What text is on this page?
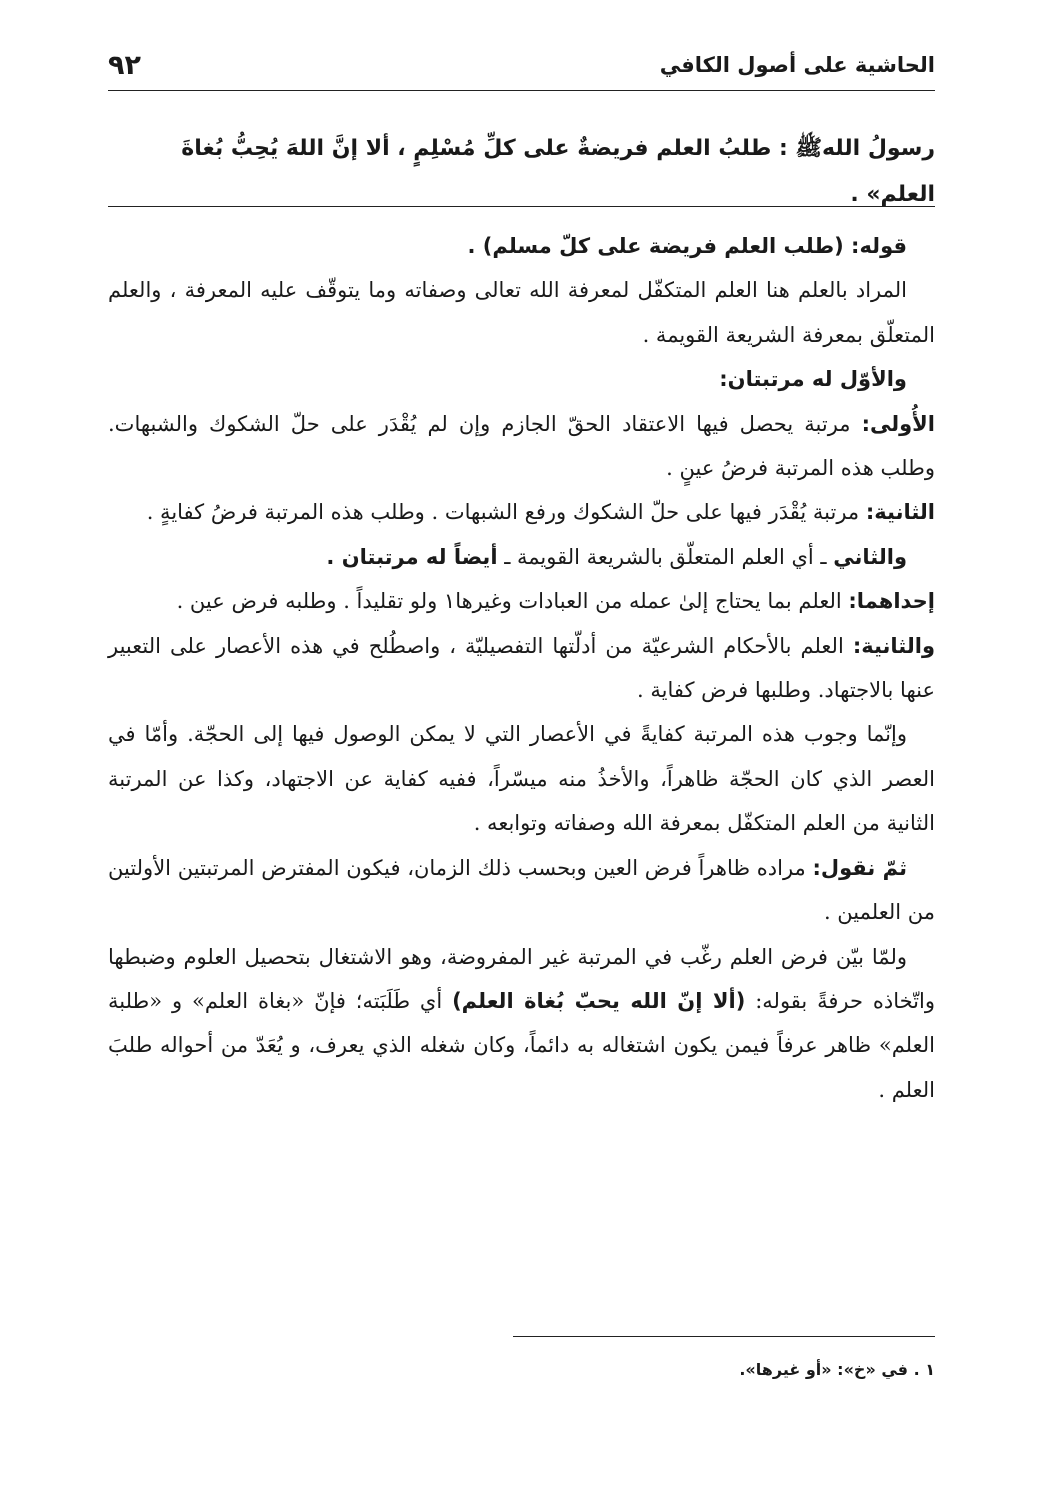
الحاشية على أصول الكافي
٩٢
رسولُ اللهﷺ : طلبُ العلم فريضةٌ على كلِّ مُسْلِمٍ ، ألا إنَّ اللهَ يُحِبُّ بُغاةَ العلم» .

قوله: (طلب العلم فريضة على كلّ مسلم) .

المراد بالعلم هنا العلم المتكفّل لمعرفة الله تعالى وصفاته وما يتوقّف عليه المعرفة ، والعلم المتعلّق بمعرفة الشريعة القويمة .

والأوّل له مرتبتان:

الأُولى: مرتبة يحصل فيها الاعتقاد الحقّ الجازم وإن لم يُقْدَر على حلّ الشكوك والشبهات. وطلب هذه المرتبة فرضُ عينٍ .

الثانية: مرتبة يُقْدَر فيها على حلّ الشكوك ورفع الشبهات . وطلب هذه المرتبة فرضُ كفايةٍ .

والثاني ـ أي العلم المتعلّق بالشريعة القويمة ـ أيضاً له مرتبتان .

إحداهما: العلم بما يحتاج إلىٰ عمله من العبادات وغيرها١ ولو تقليداً . وطلبه فرض عين .

والثانية: العلم بالأحكام الشرعيّة من أدلّتها التفصيليّة ، واصطُلح في هذه الأعصار على التعبير عنها بالاجتهاد. وطلبها فرض كفاية .

وإنّما وجوب هذه المرتبة كفايةً في الأعصار التي لا يمكن الوصول فيها إلى الحجّة. وأمّا في العصر الذي كان الحجّة ظاهراً، والأخذُ منه ميسّراً، ففيه كفاية عن الاجتهاد، وكذا عن المرتبة الثانية من العلم المتكفّل بمعرفة الله وصفاته وتوابعه .

ثمّ نقول: مراده ظاهراً فرض العين وبحسب ذلك الزمان، فيكون المفترض المرتبتين الأولتين من العلمين .

ولمّا بيّن فرض العلم رغّب في المرتبة غير المفروضة، وهو الاشتغال بتحصيل العلوم وضبطها واتّخاذه حرفةً بقوله: (ألا إنّ الله يحبّ بُغاة العلم) أي طَلَبَته؛ فإنّ «بغاة العلم» و «طلبة العلم» ظاهر عرفاً فيمن يكون اشتغاله به دائماً، وكان شغله الذي يعرف، و يُعَدّ من أحواله طلبَ العلم .

١ . في «خ»: «أو غيرها».
